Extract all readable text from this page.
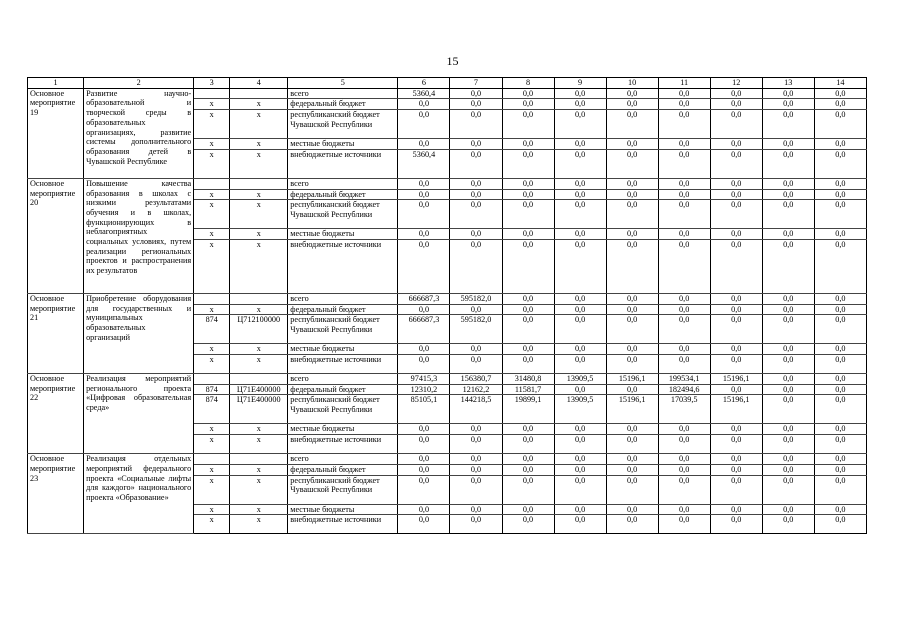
15
1	2	3	4	5	6	7	8	9	10	11	12	13	14
Основное мероприятие 19	Развитие научно-образовательной и творческой среды в образовательных организациях, развитие системы дополнительного образования детей в Чувашской Республике			всего	5360,4	0,0	0,0	0,0	0,0	0,0	0,0	0,0	0,0
		x	x	федеральный бюджет	0,0	0,0	0,0	0,0	0,0	0,0	0,0	0,0	0,0
		x	x	республиканский бюджет Чувашской Республики	0,0	0,0	0,0	0,0	0,0	0,0	0,0	0,0	0,0
		x	x	местные бюджеты	0,0	0,0	0,0	0,0	0,0	0,0	0,0	0,0	0,0
		x	x	внебюджетные источники	5360,4	0,0	0,0	0,0	0,0	0,0	0,0	0,0	0,0
Основное мероприятие 20	Повышение качества образования в школах с низкими результатами обучения и в школах, функционирующих в неблагоприятных социальных условиях, путем реализации региональных проектов и распространения их результатов			всего	0,0	0,0	0,0	0,0	0,0	0,0	0,0	0,0	0,0
		x	x	федеральный бюджет	0,0	0,0	0,0	0,0	0,0	0,0	0,0	0,0	0,0
		x	x	республиканский бюджет Чувашской Республики	0,0	0,0	0,0	0,0	0,0	0,0	0,0	0,0	0,0
		x	x	местные бюджеты	0,0	0,0	0,0	0,0	0,0	0,0	0,0	0,0	0,0
		x	x	внебюджетные источники	0,0	0,0	0,0	0,0	0,0	0,0	0,0	0,0	0,0
Основное мероприятие 21	Приобретение оборудования для государственных и муниципальных образовательных организаций			всего	666687,3	595182,0	0,0	0,0	0,0	0,0	0,0	0,0	0,0
		x	x	федеральный бюджет	0,0	0,0	0,0	0,0	0,0	0,0	0,0	0,0	0,0
		874	Ц712100000	республиканский бюджет Чувашской Республики	666687,3	595182,0	0,0	0,0	0,0	0,0	0,0	0,0	0,0
		x	x	местные бюджеты	0,0	0,0	0,0	0,0	0,0	0,0	0,0	0,0	0,0
		x	x	внебюджетные источники	0,0	0,0	0,0	0,0	0,0	0,0	0,0	0,0	0,0
Основное мероприятие 22	Реализация мероприятий регионального проекта «Цифровая образовательная среда»			всего	97415,3	156380,7	31480,8	13909,5	15196,1	199534,1	15196,1	0,0	0,0
		874	Ц71Е400000	федеральный бюджет	12310,2	12162,2	11581,7	0,0	0,0	182494,6	0,0	0,0	0,0
		874	Ц71Е400000	республиканский бюджет Чувашской Республики	85105,1	144218,5	19899,1	13909,5	15196,1	17039,5	15196,1	0,0	0,0
		x	x	местные бюджеты	0,0	0,0	0,0	0,0	0,0	0,0	0,0	0,0	0,0
		x	x	внебюджетные источники	0,0	0,0	0,0	0,0	0,0	0,0	0,0	0,0	0,0
Основное мероприятие 23	Реализация отдельных мероприятий федерального проекта «Социальные лифты для каждого» национального проекта «Образование»			всего	0,0	0,0	0,0	0,0	0,0	0,0	0,0	0,0	0,0
		x	x	федеральный бюджет	0,0	0,0	0,0	0,0	0,0	0,0	0,0	0,0	0,0
		x	x	республиканский бюджет Чувашской Республики	0,0	0,0	0,0	0,0	0,0	0,0	0,0	0,0	0,0
		x	x	местные бюджеты	0,0	0,0	0,0	0,0	0,0	0,0	0,0	0,0	0,0
		x	x	внебюджетные источники	0,0	0,0	0,0	0,0	0,0	0,0	0,0	0,0	0,0
